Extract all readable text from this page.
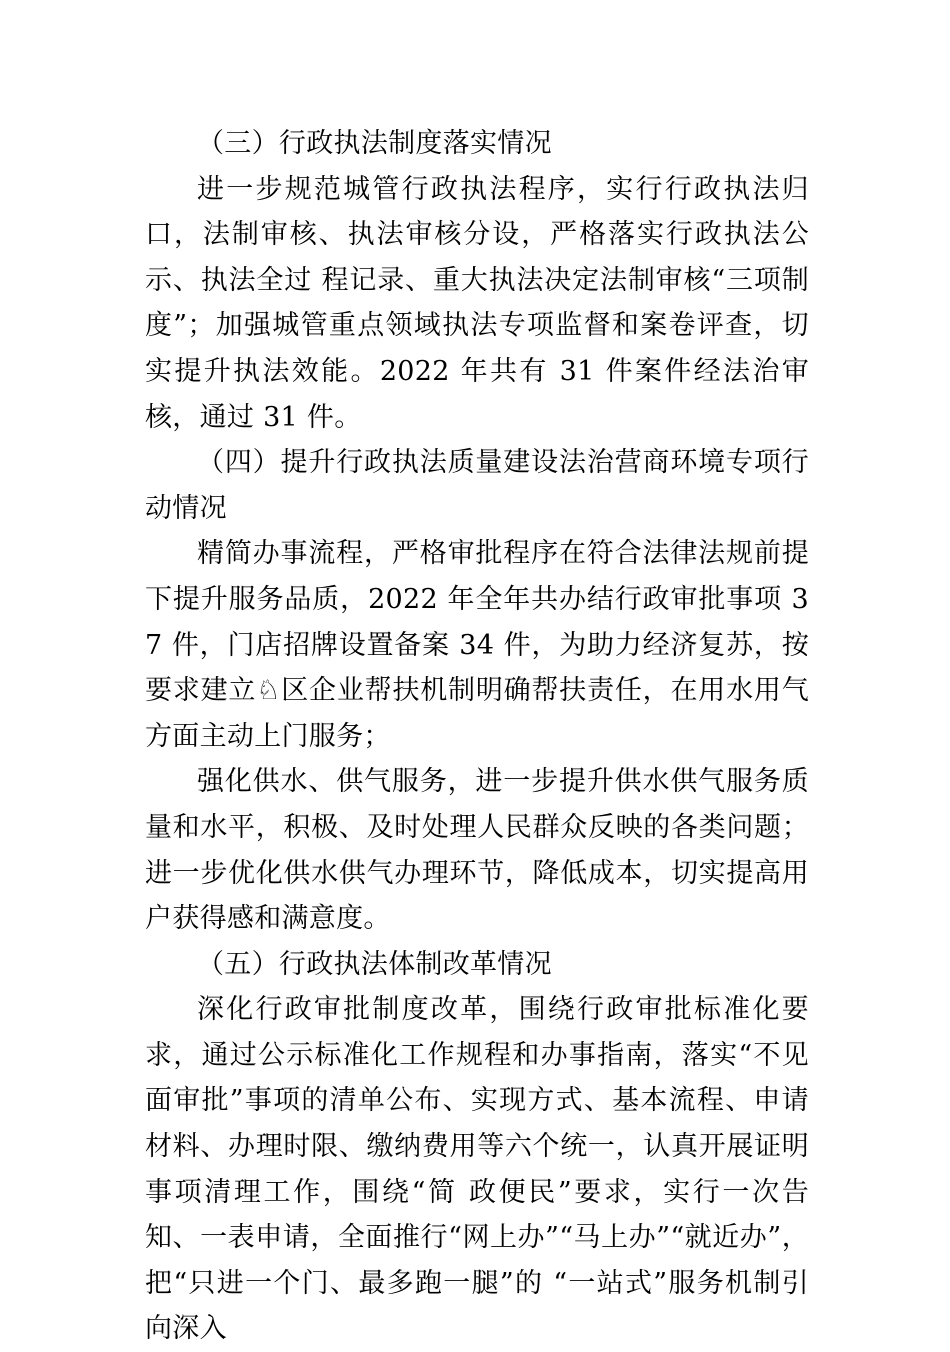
（三）行政执法制度落实情况

进一步规范城管行政执法程序，实行行政执法归口，法制审核、执法审核分设，严格落实行政执法公示、执法全过 程记录、重大执法决定法制审核“三项制度”；加强城管重点领域执法专项监督和案卷评查，切实提升执法效能。2022 年共有 31 件案件经法治审核，通过 31 件。

（四）提升行政执法质量建设法治营商环境专项行动情况

精简办事流程，严格审批程序在符合法律法规前提下提升服务品质，2022 年全年共办结行政审批事项 37 件，门店招牌设置备案 34 件，为助力经济复苏，按要求建立♘区企业帮扶机制明确帮扶责任，在用水用气方面主动上门服务；

强化供水、供气服务，进一步提升供水供气服务质量和水平，积极、及时处理人民群众反映的各类问题；进一步优化供水供气办理环节，降低成本，切实提高用户获得感和满意度。

（五）行政执法体制改革情况

深化行政审批制度改革，围绕行政审批标准化要求，通过公示标准化工作规程和办事指南，落实“不见面审批”事项的清单公布、实现方式、基本流程、申请材料、办理时限、缴纳费用等六个统一，认真开展证明事项清理工作，围绕“简 政便民”要求，实行一次告知、一表申请，全面推行“网上办”“马上办”“就近办”，把“只进一个门、最多跑一腿”的 “一站式”服务机制引向深入
